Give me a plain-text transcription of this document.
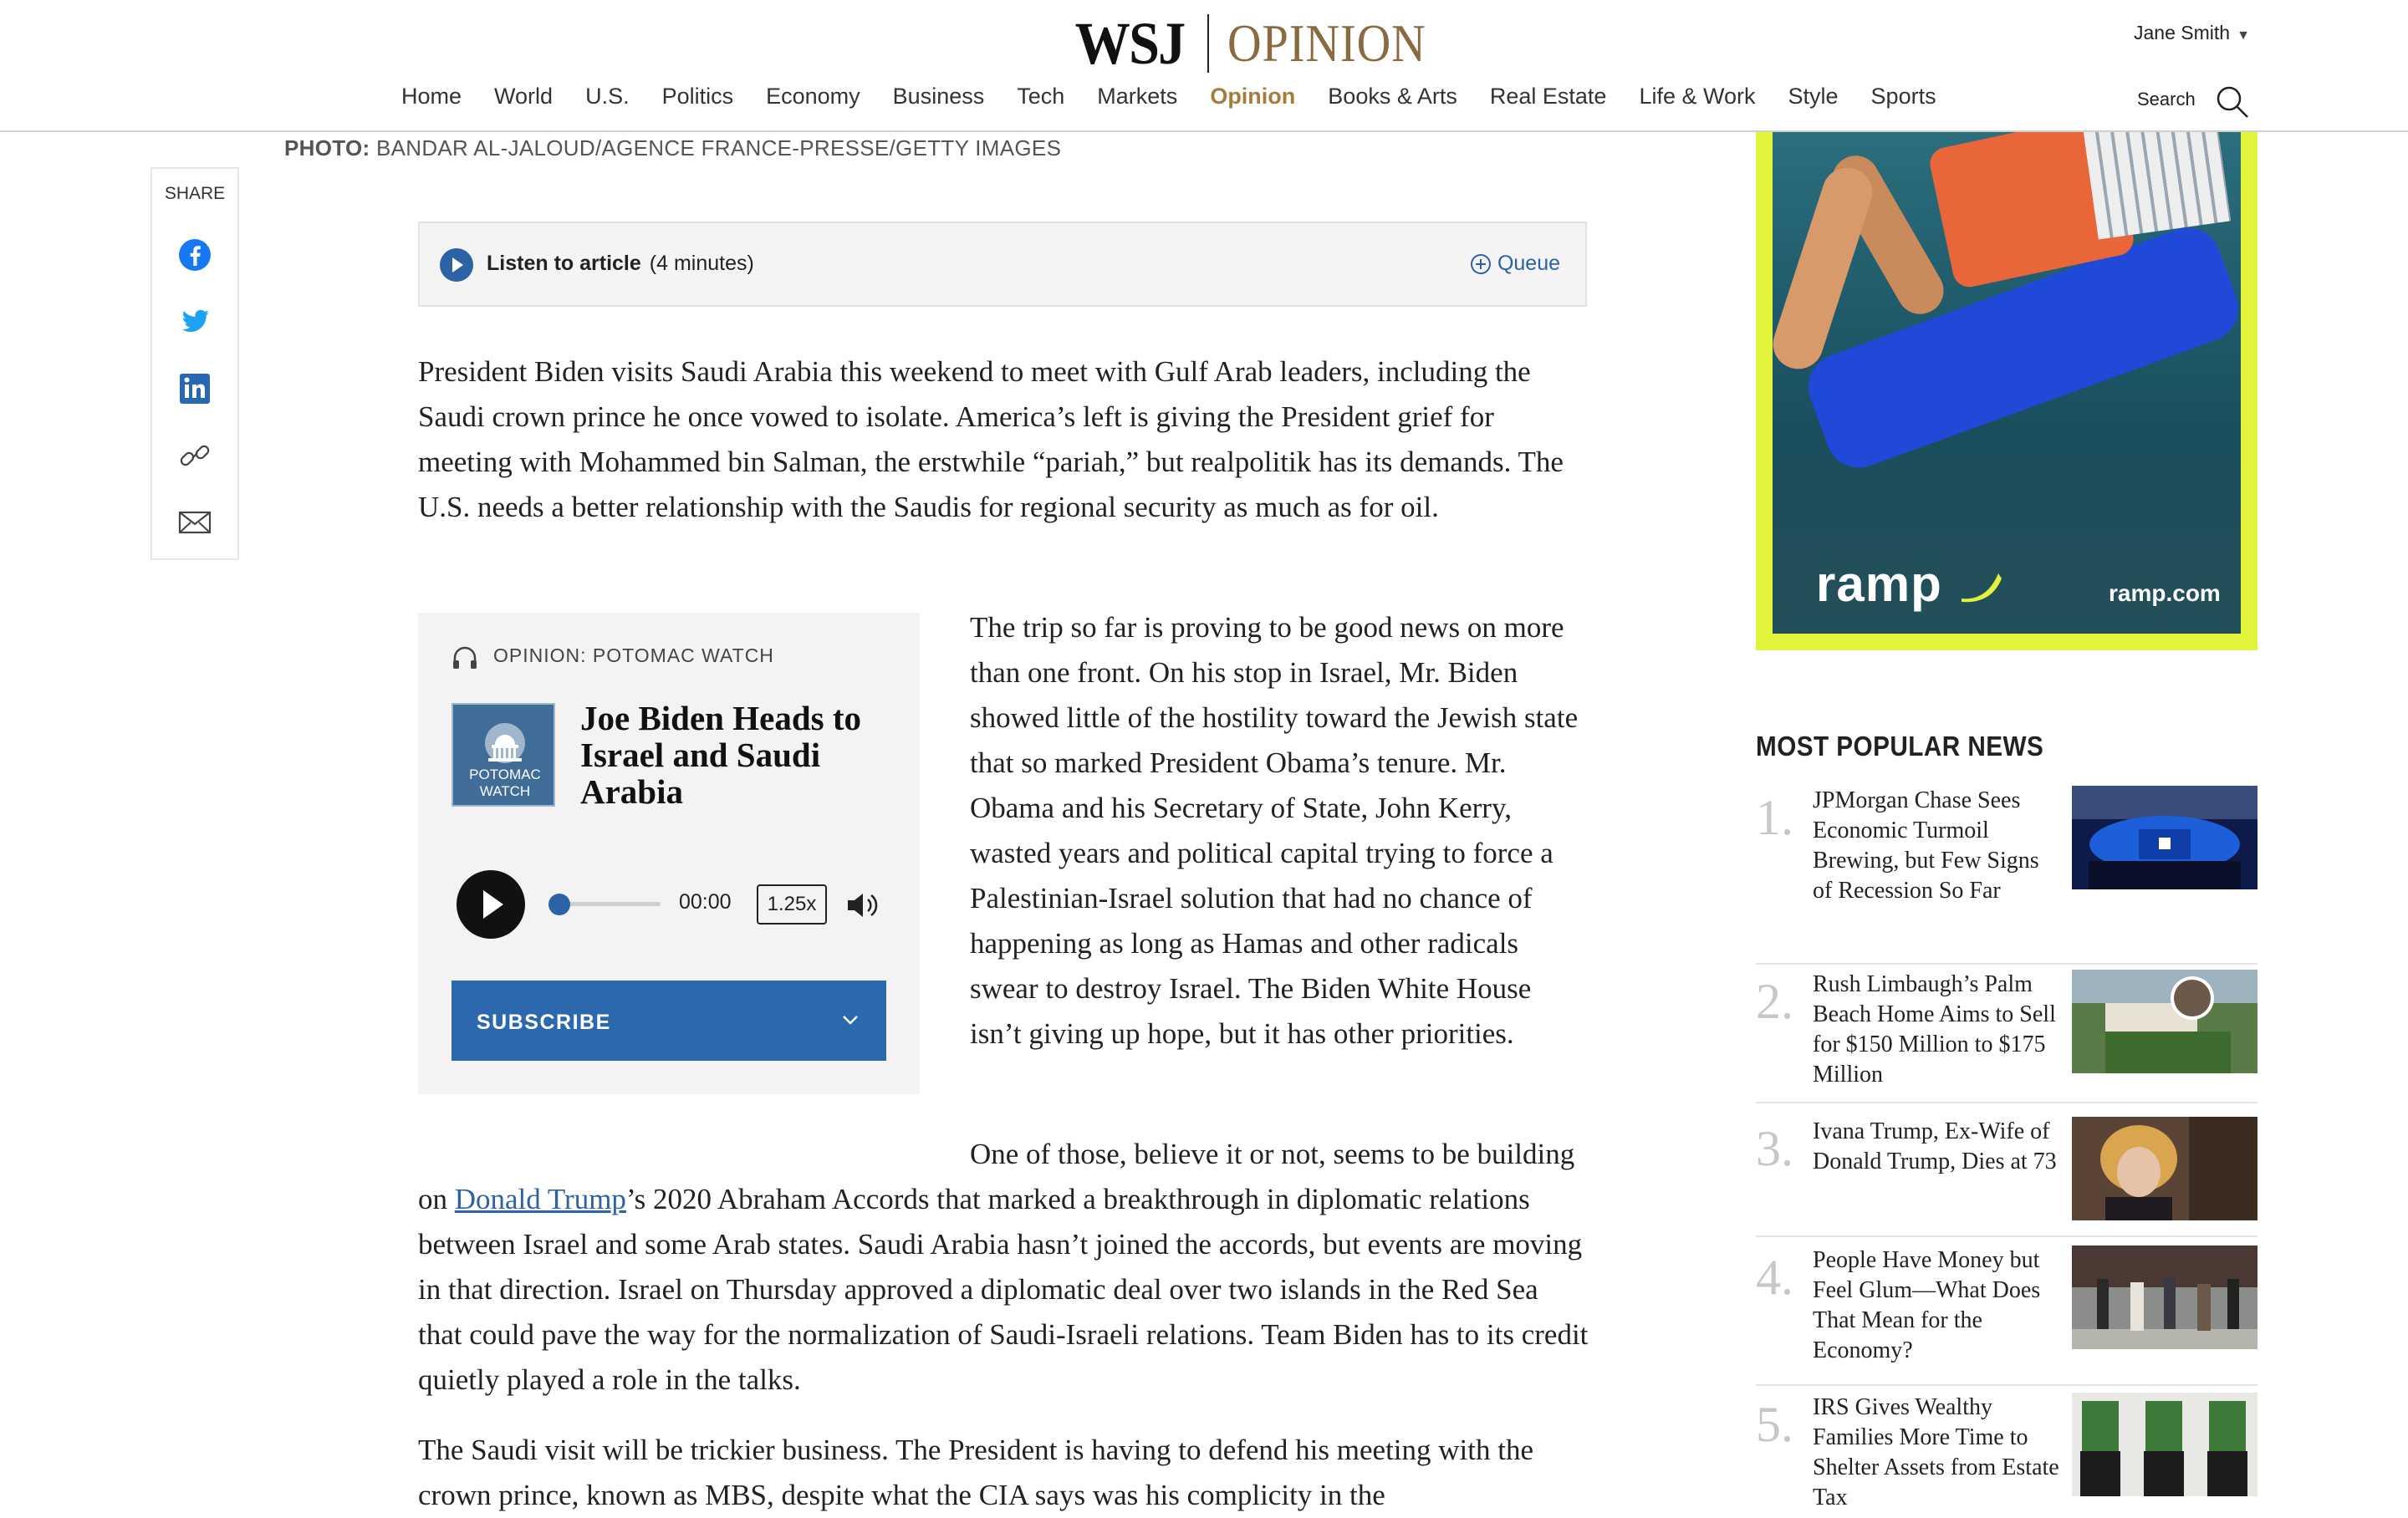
WSJ OPINION	Jane Smith ▼
Home World U.S. Politics Economy Business Tech Markets Opinion Books & Arts Real Estate Life & Work Style Sports	Search
PHOTO: BANDAR AL-JALOUD/AGENCE FRANCE-PRESSE/GETTY IMAGES
SHARE
Listen to article (4 minutes)	Queue
President Biden visits Saudi Arabia this weekend to meet with Gulf Arab leaders, including the Saudi crown prince he once vowed to isolate. America’s left is giving the President grief for meeting with Mohammed bin Salman, the erstwhile “pariah,” but realpolitik has its demands. The U.S. needs a better relationship with the Saudis for regional security as much as for oil.
OPINION: POTOMAC WATCH
POTOMAC WATCH
Joe Biden Heads to Israel and Saudi Arabia
00:00	1.25x
SUBSCRIBE
The trip so far is proving to be good news on more than one front. On his stop in Israel, Mr. Biden showed little of the hostility toward the Jewish state that so marked President Obama’s tenure. Mr. Obama and his Secretary of State, John Kerry, wasted years and political capital trying to force a Palestinian-Israel solution that had no chance of happening as long as Hamas and other radicals swear to destroy Israel. The Biden White House isn’t giving up hope, but it has other priorities.
One of those, believe it or not, seems to be building on Donald Trump’s 2020 Abraham Accords that marked a breakthrough in diplomatic relations between Israel and some Arab states. Saudi Arabia hasn’t joined the accords, but events are moving in that direction. Israel on Thursday approved a diplomatic deal over two islands in the Red Sea that could pave the way for the normalization of Saudi-Israeli relations. Team Biden has to its credit quietly played a role in the talks.
The Saudi visit will be trickier business. The President is having to defend his meeting with the crown prince, known as MBS, despite what the CIA says was his complicity in the
ramp	ramp.com
MOST POPULAR NEWS
1. JPMorgan Chase Sees Economic Turmoil Brewing, but Few Signs of Recession So Far
2. Rush Limbaugh’s Palm Beach Home Aims to Sell for $150 Million to $175 Million
3. Ivana Trump, Ex-Wife of Donald Trump, Dies at 73
4. People Have Money but Feel Glum—What Does That Mean for the Economy?
5. IRS Gives Wealthy Families More Time to Shelter Assets from Estate Tax
